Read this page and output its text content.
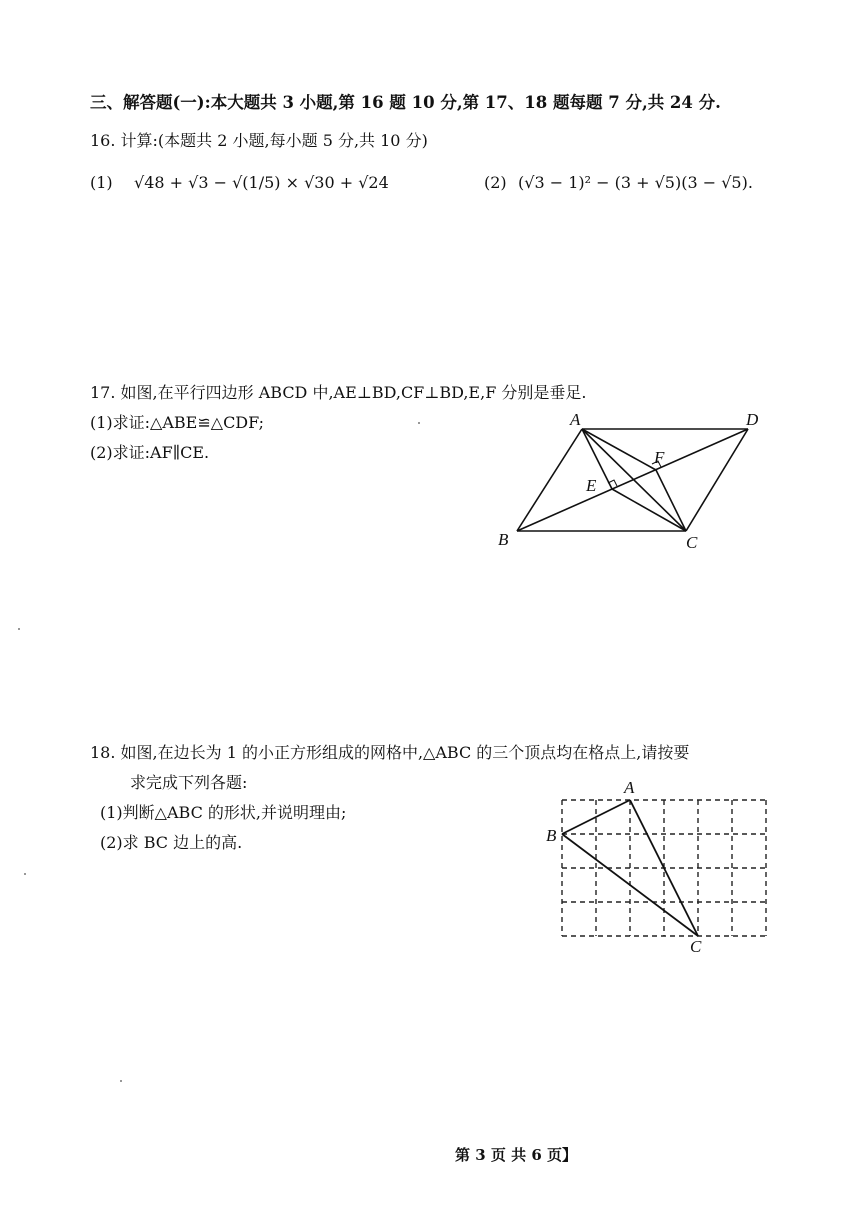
三、解答题(一):本大题共 3 小题,第 16 题 10 分,第 17、18 题每题 7 分,共 24 分.
16. 计算:(本题共 2 小题,每小题 5 分,共 10 分)
(1) √48 + √3 − √(1/5) × √30 + √24	(2) (√3 − 1)² − (3 + √5)(3 − √5).
17. 如图,在平行四边形 ABCD 中,AE⊥BD,CF⊥BD,E,F 分别是垂足.
(1)求证:△ABE≌△CDF;
(2)求证:AF∥CE.
A	D
B	C
E
F
18. 如图,在边长为 1 的小正方形组成的网格中,△ABC 的三个顶点均在格点上,请按要
求完成下列各题:
(1)判断△ABC 的形状,并说明理由;
(2)求 BC 边上的高.
A
B
C
第 3 页 共 6 页】
